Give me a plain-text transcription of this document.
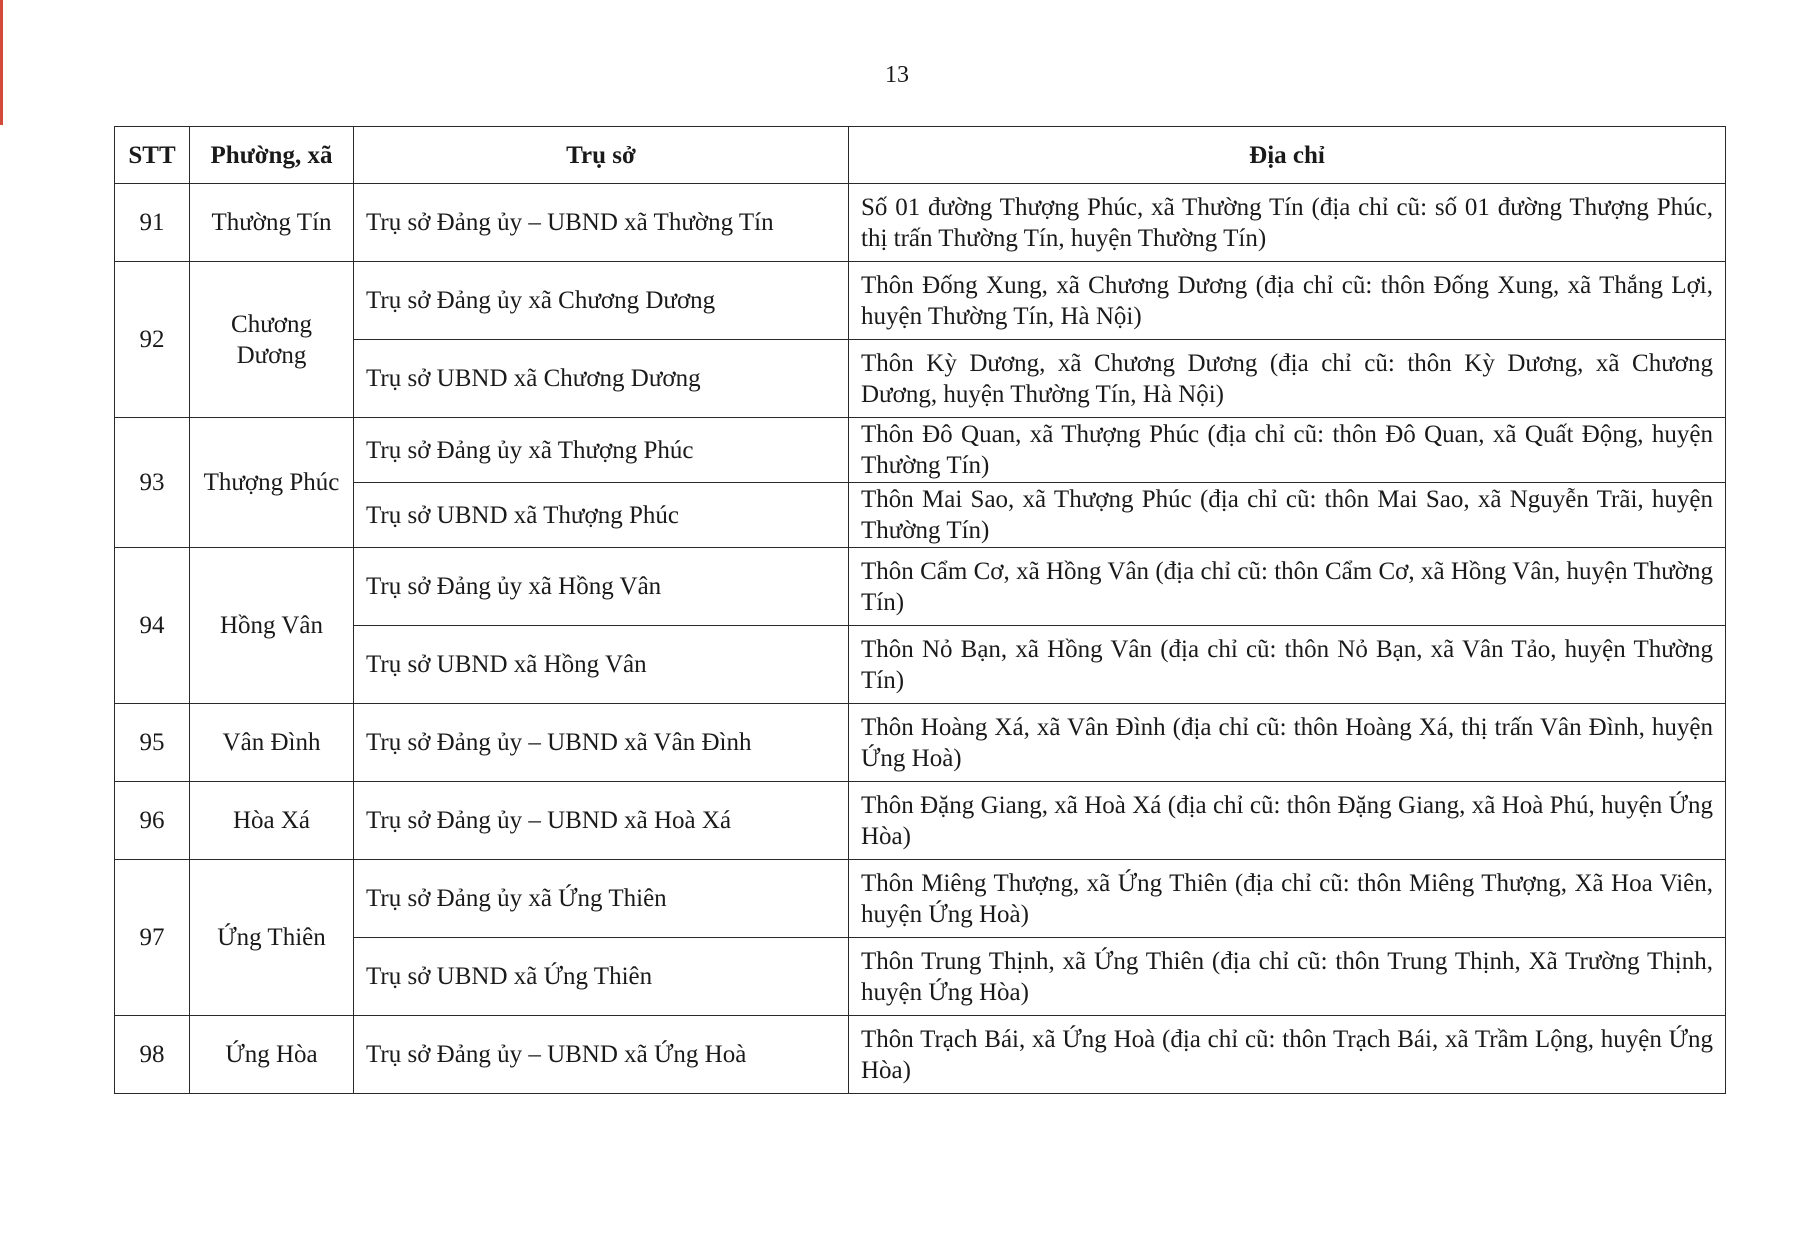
13
STT	Phường, xã	Trụ sở	Địa chỉ
91	Thường Tín	Trụ sở Đảng ủy – UBND xã Thường Tín	Số 01 đường Thượng Phúc, xã Thường Tín (địa chỉ cũ: số 01 đường Thượng Phúc, thị trấn Thường Tín, huyện Thường Tín)
92	Chương Dương	Trụ sở Đảng ủy xã Chương Dương	Thôn Đống Xung, xã Chương Dương (địa chỉ cũ: thôn Đống Xung, xã Thắng Lợi, huyện Thường Tín, Hà Nội)
		Trụ sở UBND xã Chương Dương	Thôn Kỳ Dương, xã Chương Dương (địa chỉ cũ: thôn Kỳ Dương, xã Chương Dương, huyện Thường Tín, Hà Nội)
93	Thượng Phúc	Trụ sở Đảng ủy xã Thượng Phúc	Thôn Đô Quan, xã Thượng Phúc (địa chỉ cũ: thôn Đô Quan, xã Quất Động, huyện Thường Tín)
		Trụ sở UBND xã Thượng Phúc	Thôn Mai Sao, xã Thượng Phúc (địa chỉ cũ: thôn Mai Sao, xã Nguyễn Trãi, huyện Thường Tín)
94	Hồng Vân	Trụ sở Đảng ủy xã Hồng Vân	Thôn Cẩm Cơ, xã Hồng Vân (địa chỉ cũ: thôn Cẩm Cơ, xã Hồng Vân, huyện Thường Tín)
		Trụ sở UBND xã Hồng Vân	Thôn Nỏ Bạn, xã Hồng Vân (địa chỉ cũ: thôn Nỏ Bạn, xã Vân Tảo, huyện Thường Tín)
95	Vân Đình	Trụ sở Đảng ủy – UBND xã Vân Đình	Thôn Hoàng Xá, xã Vân Đình (địa chỉ cũ: thôn Hoàng Xá, thị trấn Vân Đình, huyện Ứng Hoà)
96	Hòa Xá	Trụ sở Đảng ủy – UBND xã Hoà Xá	Thôn Đặng Giang, xã Hoà Xá (địa chỉ cũ: thôn Đặng Giang, xã Hoà Phú, huyện Ứng Hòa)
97	Ứng Thiên	Trụ sở Đảng ủy xã Ứng Thiên	Thôn Miêng Thượng, xã Ứng Thiên (địa chỉ cũ: thôn Miêng Thượng, Xã Hoa Viên, huyện Ứng Hoà)
		Trụ sở UBND xã Ứng Thiên	Thôn Trung Thịnh, xã Ứng Thiên (địa chỉ cũ: thôn Trung Thịnh, Xã Trường Thịnh, huyện Ứng Hòa)
98	Ứng Hòa	Trụ sở Đảng ủy – UBND xã Ứng Hoà	Thôn Trạch Bái, xã Ứng Hoà (địa chỉ cũ: thôn Trạch Bái, xã Trầm Lộng, huyện Ứng Hòa)
